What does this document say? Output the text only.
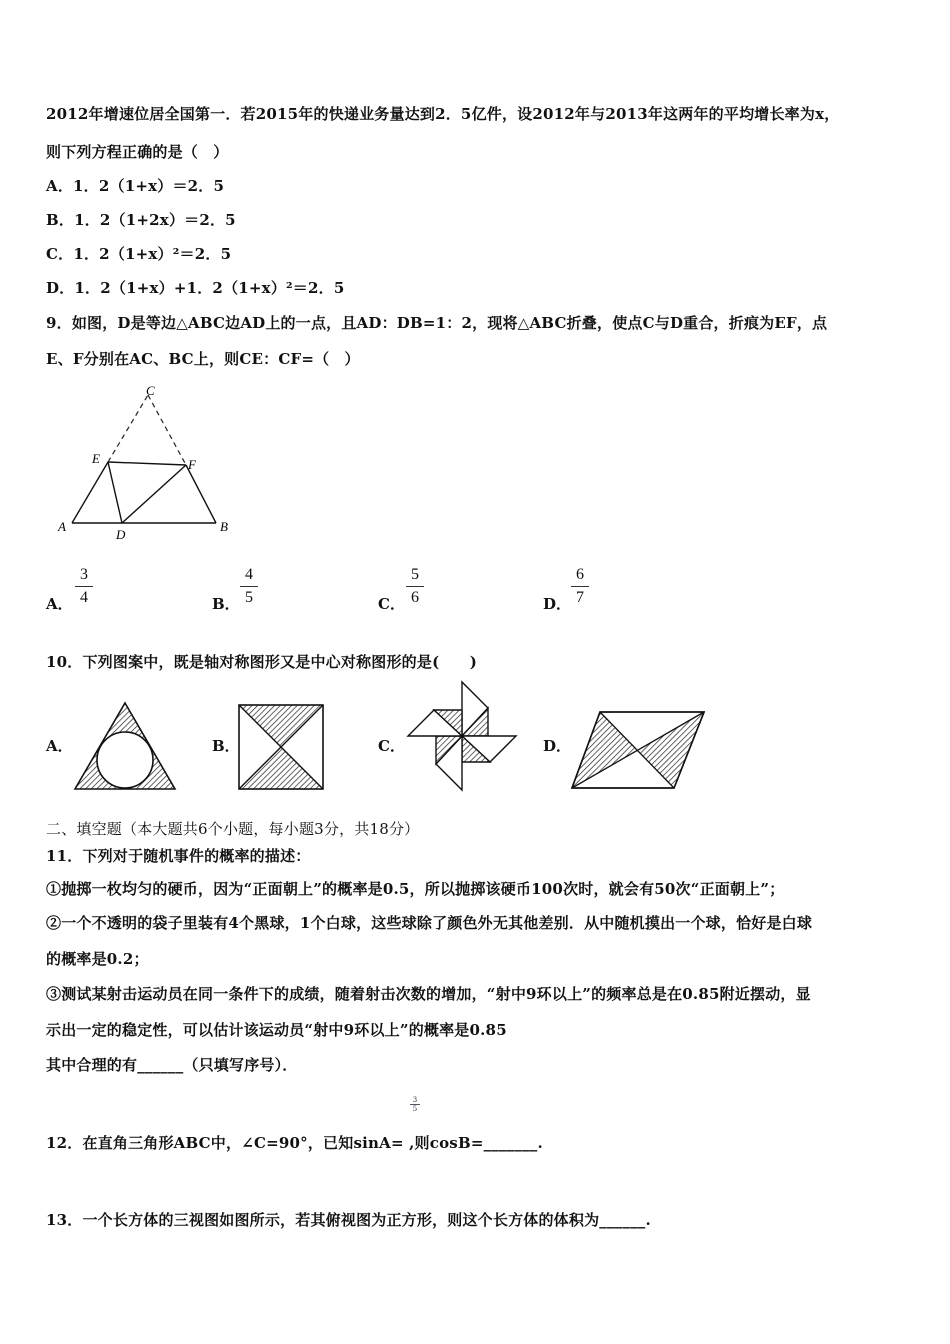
2012年增速位居全国第一．若2015年的快递业务量达到2．5亿件，设2012年与2013年这两年的平均增长率为x，
则下列方程正确的是（　）
A．1．2（1+x）＝2．5
B．1．2（1+2x）＝2．5
C．1．2（1+x）²＝2．5
D．1．2（1+x）+1．2（1+x）²＝2．5
9．如图，D是等边△ABC边AD上的一点，且AD：DB=1：2，现将△ABC折叠，使点C与D重合，折痕为EF，点
E、F分别在AC、BC上，则CE：CF=（　）
C
E	F
A
D
B
A．
3
4	B．
4
5	C．
5
6	D．
6
7
10．下列图案中，既是轴对称图形又是中心对称图形的是(　　)
A．	B．	C．	D．
二、填空题（本大题共6个小题，每小题3分，共18分）
11．下列对于随机事件的概率的描述：
①抛掷一枚均匀的硬币，因为“正面朝上”的概率是0.5，所以抛掷该硬币100次时，就会有50次“正面朝上”；
②一个不透明的袋子里装有4个黑球，1个白球，这些球除了颜色外无其他差别．从中随机摸出一个球，恰好是白球
的概率是0.2；
③测试某射击运动员在同一条件下的成绩，随着射击次数的增加，“射中9环以上”的频率总是在0.85附近摆动，显
示出一定的稳定性，可以估计该运动员“射中9环以上”的概率是0.85
其中合理的有______（只填写序号）．
$\frac{3}{5}$
12．在直角三角形ABC中，∠C=90°，已知sinA= ,则cosB=_______.
13．一个长方体的三视图如图所示，若其俯视图为正方形，则这个长方体的体积为______.
